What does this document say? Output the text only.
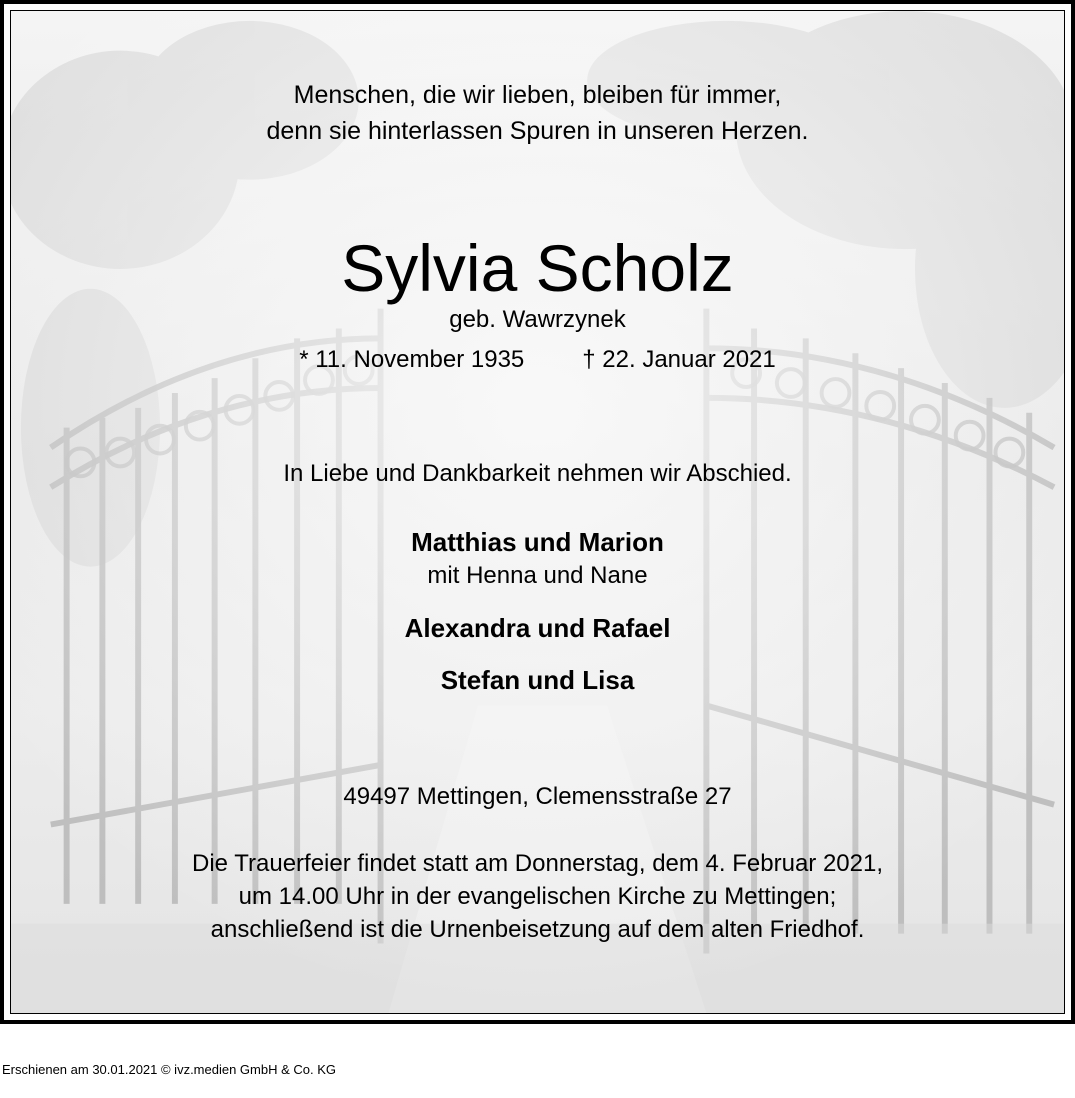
Menschen, die wir lieben, bleiben für immer,
denn sie hinterlassen Spuren in unseren Herzen.
Sylvia Scholz
geb. Wawrzynek
* 11. November 1935 † 22. Januar 2021
In Liebe und Dankbarkeit nehmen wir Abschied.
Matthias und Marion
mit Henna und Nane
Alexandra und Rafael
Stefan und Lisa
49497 Mettingen, Clemensstraße 27
Die Trauerfeier findet statt am Donnerstag, dem 4. Februar 2021,
um 14.00 Uhr in der evangelischen Kirche zu Mettingen;
anschließend ist die Urnenbeisetzung auf dem alten Friedhof.
Erschienen am 30.01.2021 © ivz.medien GmbH & Co. KG
